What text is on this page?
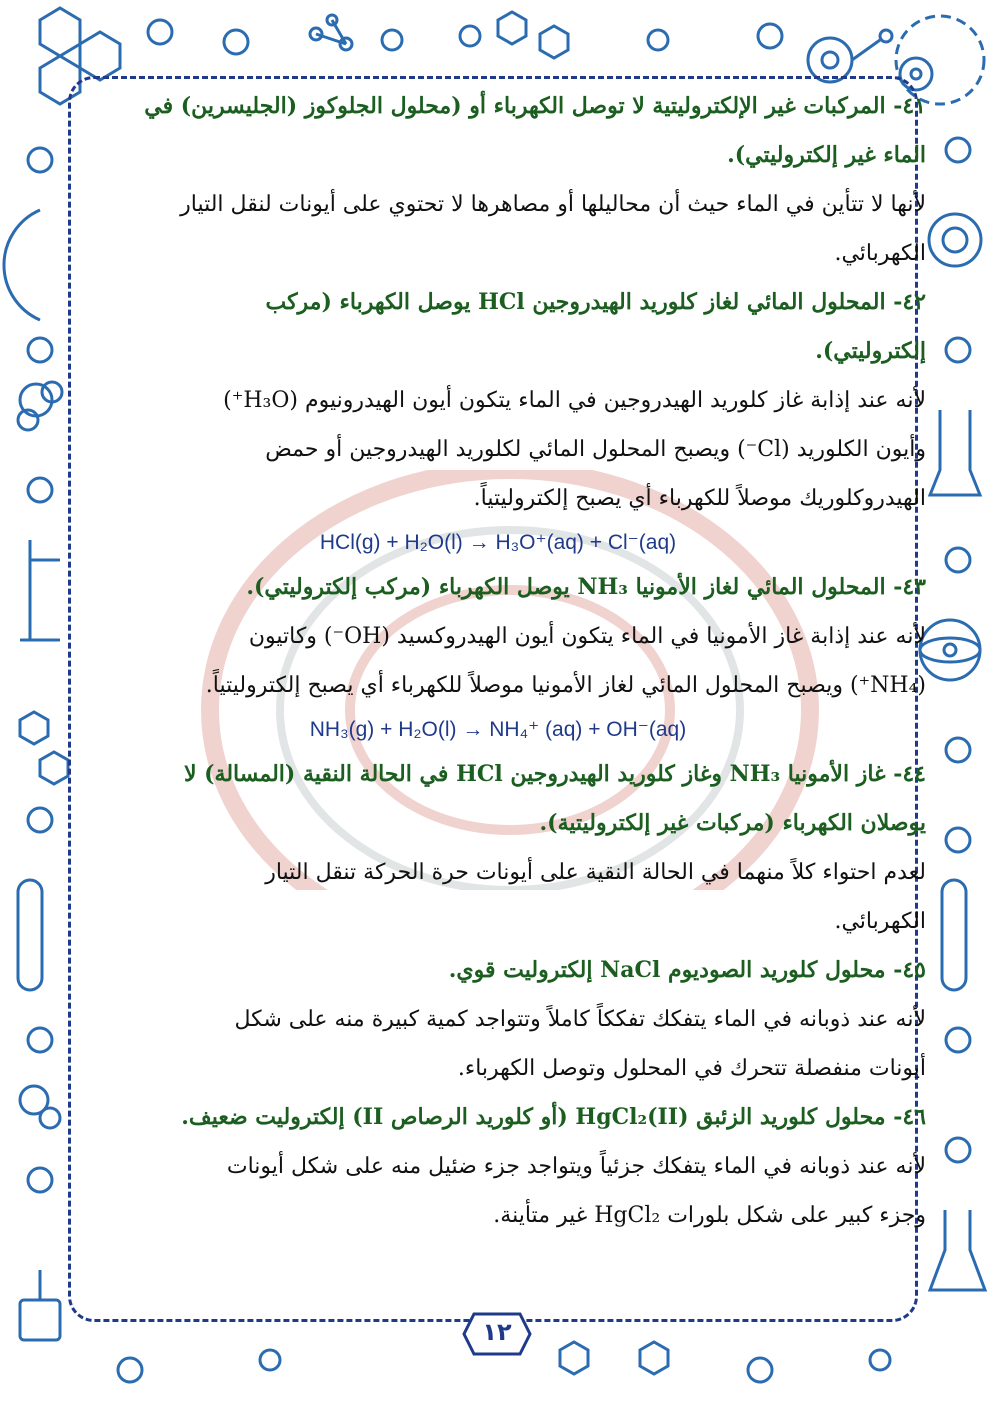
٤١- المركبات غير الإلكتروليتية لا توصل الكهرباء أو (محلول الجلوكوز (الجليسرين) في
الماء غير إلكتروليتي).
لأنها لا تتأين في الماء حيث أن محاليلها أو مصاهرها لا تحتوي على أيونات لنقل التيار
الكهربائي.
٤٢- المحلول المائي لغاز كلوريد الهيدروجين HCl يوصل الكهرباء (مركب
إلكتروليتي).
لأنه عند إذابة غاز كلوريد الهيدروجين في الماء يتكون أيون الهيدرونيوم (H₃O⁺)
وأيون الكلوريد (Cl⁻) ويصبح المحلول المائي لكلوريد الهيدروجين أو حمض
الهيدروكلوريك موصلاً للكهرباء أي يصبح إلكتروليتياً.
HCl(g) + H₂O(l) → H₃O⁺(aq) + Cl⁻(aq)
٤٣- المحلول المائي لغاز الأمونيا NH₃ يوصل الكهرباء (مركب إلكتروليتي).
لأنه عند إذابة غاز الأمونيا في الماء يتكون أيون الهيدروكسيد (OH⁻) وكاتيون
(NH₄⁺) ويصبح المحلول المائي لغاز الأمونيا موصلاً للكهرباء أي يصبح إلكتروليتياً.
NH₃(g) + H₂O(l) → NH₄⁺ (aq) + OH⁻(aq)
٤٤- غاز الأمونيا NH₃ وغاز كلوريد الهيدروجين HCl في الحالة النقية (المسالة) لا
يوصلان الكهرباء (مركبات غير إلكتروليتية).
لعدم احتواء كلاً منهما في الحالة النقية على أيونات حرة الحركة تنقل التيار
الكهربائي.
٤٥- محلول كلوريد الصوديوم NaCl إلكتروليت قوي.
لأنه عند ذوبانه في الماء يتفكك تفككاً كاملاً وتتواجد كمية كبيرة منه على شكل
أيونات منفصلة تتحرك في المحلول وتوصل الكهرباء.
٤٦- محلول كلوريد الزئبق HgCl₂(II) (أو كلوريد الرصاص II) إلكتروليت ضعيف.
لأنه عند ذوبانه في الماء يتفكك جزئياً ويتواجد جزء ضئيل منه على شكل أيونات
وجزء كبير على شكل بلورات HgCl₂ غير متأينة.
١٢
